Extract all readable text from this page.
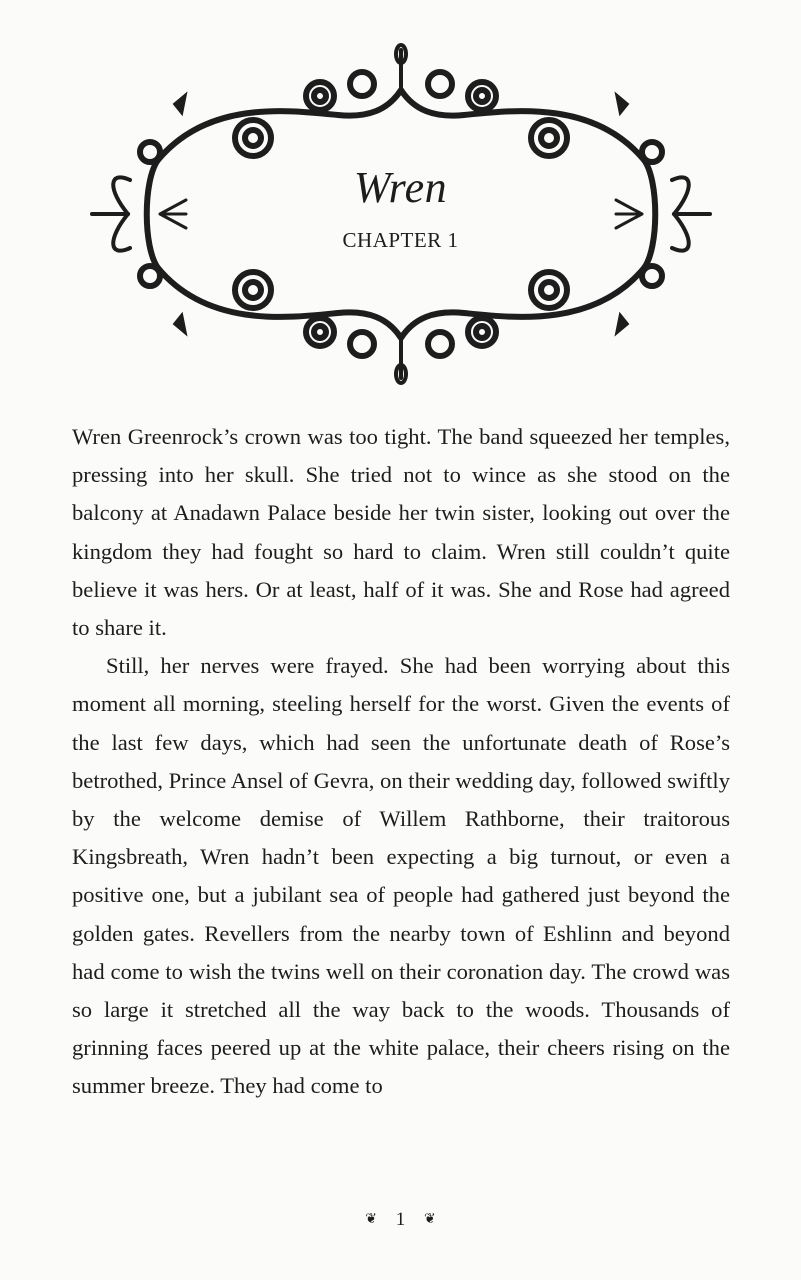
Wren
CHAPTER 1

Wren Greenrock’s crown was too tight. The band squeezed her temples, pressing into her skull. She tried not to wince as she stood on the balcony at Anadawn Palace beside her twin sister, looking out over the kingdom they had fought so hard to claim. Wren still couldn’t quite believe it was hers. Or at least, half of it was. She and Rose had agreed to share it.

Still, her nerves were frayed. She had been worrying about this moment all morning, steeling herself for the worst. Given the events of the last few days, which had seen the unfortunate death of Rose’s betrothed, Prince Ansel of Gevra, on their wedding day, followed swiftly by the welcome demise of Willem Rathborne, their traitorous Kingsbreath, Wren hadn’t been expecting a big turnout, or even a positive one, but a jubilant sea of people had gathered just beyond the golden gates. Revellers from the nearby town of Eshlinn and beyond had come to wish the twins well on their coronation day. The crowd was so large it stretched all the way back to the woods. Thousands of grinning faces peered up at the white palace, their cheers rising on the summer breeze. They had come to

❦ 1 ❦
